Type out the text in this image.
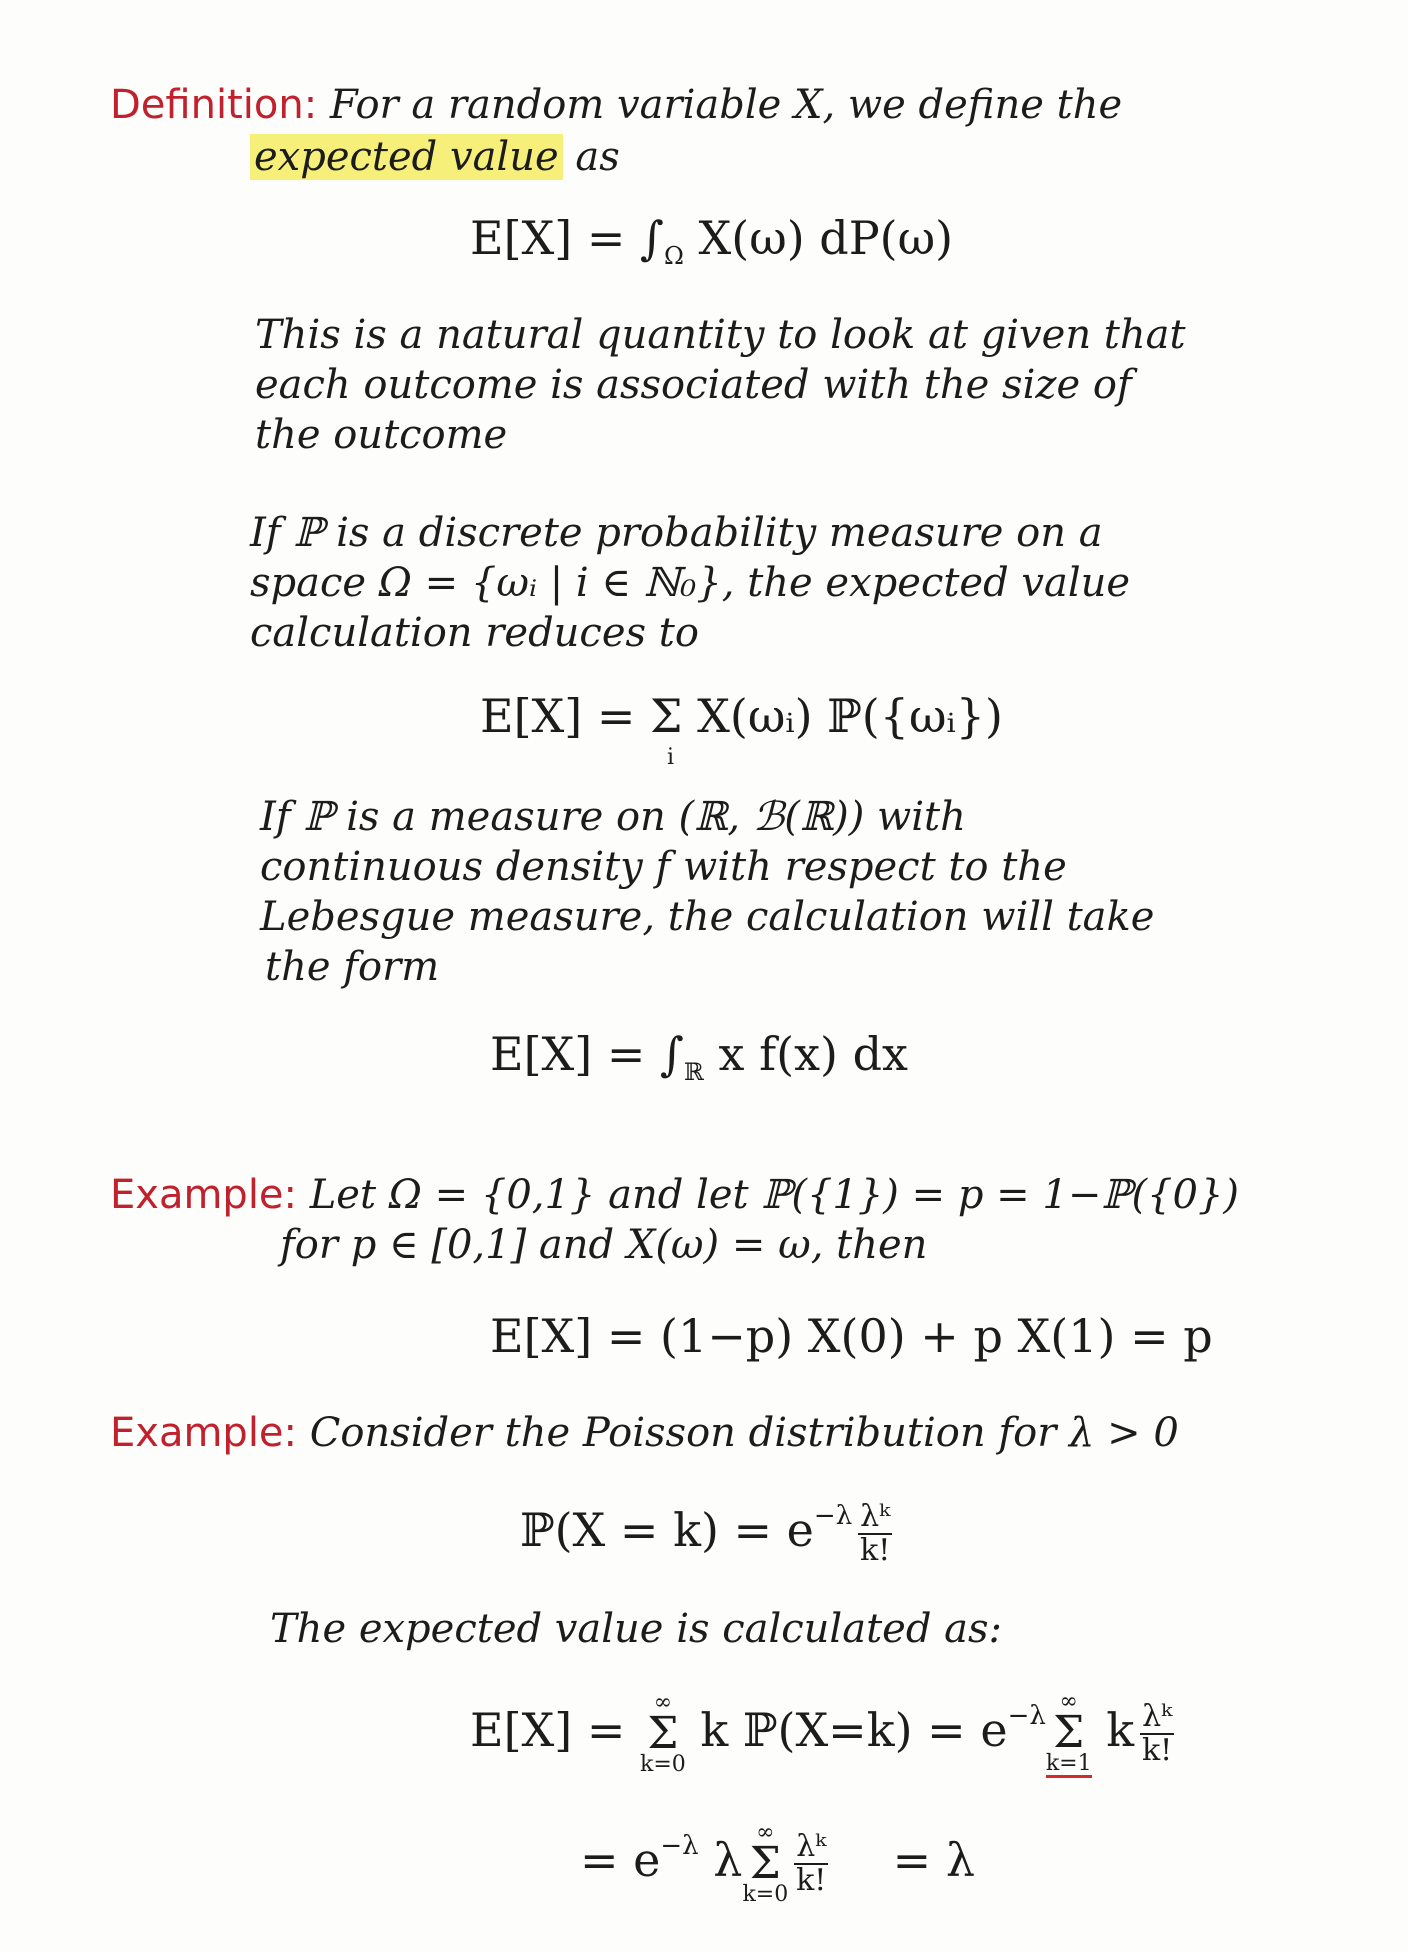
Definition: For a random variable X, we define the
expected value as
$E[X] = \int_\Omega$ X(ω) dP(ω)
This is a natural quantity to look at given that
each outcome is associated with the size of
the outcome
If ℙ is a discrete probability measure on a
space Ω = {ωᵢ | i ∈ ℕ₀}, the expected value
calculation reduces to
E[X] = Σ X(ωᵢ) ℙ({ωᵢ})
i
If ℙ is a measure on (ℝ, ℬ(ℝ)) with
continuous density f with respect to the
Lebesgue measure, the calculation will take
the form
$E[X] = \int_ℝ$ x f(x) dx
Example: Let Ω = {0,1} and let ℙ({1}) = p = 1−ℙ({0})
for p ∈ [0,1] and X(ω) = ω, then
E[X] = (1−p) X(0) + p X(1) = p
Example: Consider the Poisson distribution for λ > 0
ℙ(X = $k) = e^{-\lambda} \frac{\text{λᵏ}}{k!}$
The expected value is calculated as:
E[X] =
∞
Σ
k=0
k ℙ(X=k) = $e^{-\lambda}$ ∞
Σ
k=1
k $\frac{\text{λᵏ}}{k!}$
= $e^{-\lambda}$ λ
∞
Σ
$k=0 \frac{\text{λᵏ}}{k!} = \lambda$
